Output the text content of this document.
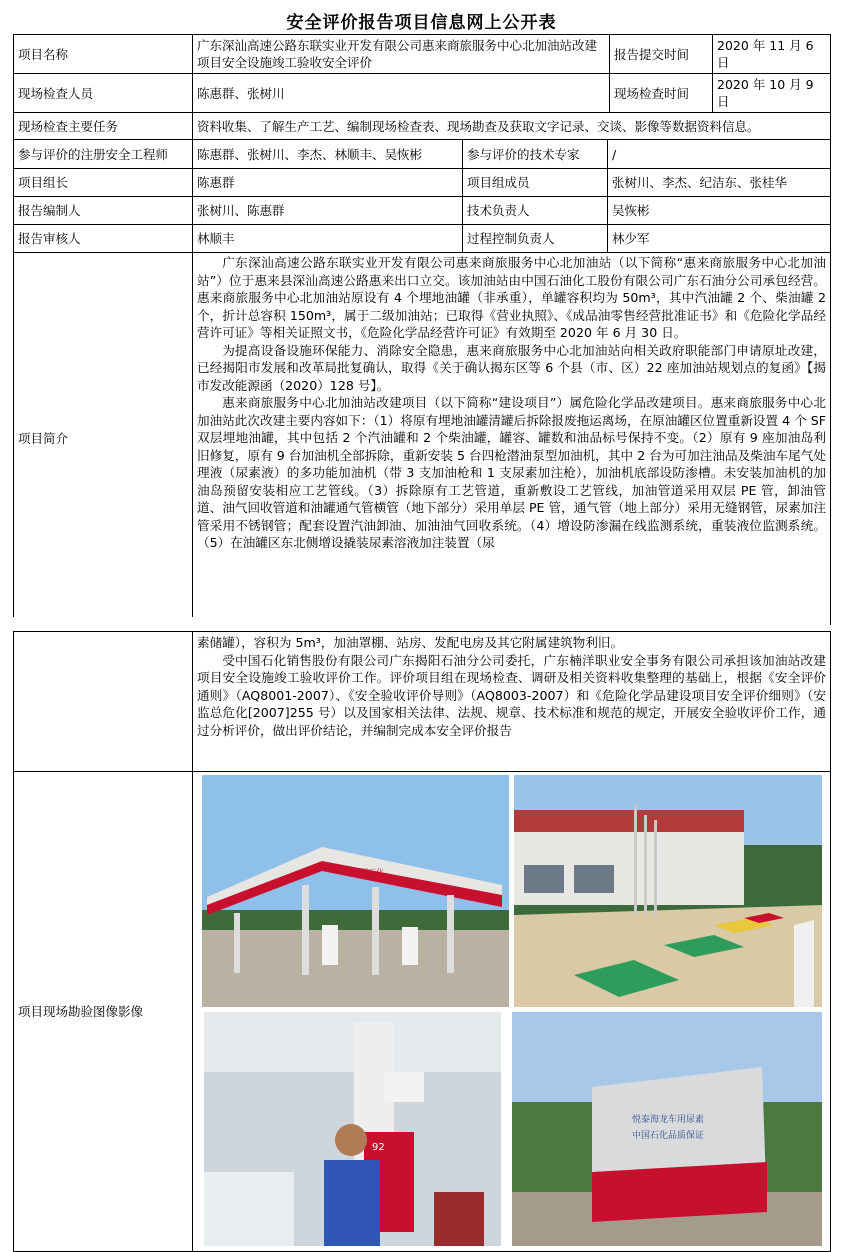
安全评价报告项目信息网上公开表
项目名称	广东深汕高速公路东联实业开发有限公司惠来商旅服务中心北加油站改建项目安全设施竣工验收安全评价			报告提交时间	2020 年 11 月 6 日
现场检查人员	陈惠群、张树川			现场检查时间	2020 年 10 月 9 日
现场检查主要任务	资料收集、了解生产工艺、编制现场检查表、现场勘查及获取文字记录、交谈、影像等数据资料信息。				
参与评价的注册安全工程师	陈惠群、张树川、李杰、林顺丰、吴恢彬	参与评价的技术专家	/		
项目组长	陈惠群	项目组成员	张树川、李杰、纪洁东、张桂华		
报告编制人	张树川、陈惠群	技术负责人	吴恢彬		
报告审核人	林顺丰	过程控制负责人	林少军		
项目简介	广东深汕高速公路东联实业开发有限公司惠来商旅服务中心北加油站（以下简称“惠来商旅服务中心北加油站”）位于惠来县深汕高速公路惠来出口立交。该加油站由中国石油化工股份有限公司广东石油分公司承包经营。惠来商旅服务中心北加油站原设有 4 个埋地油罐（非承重），单罐容积均为 50m³，其中汽油罐 2 个、柴油罐 2 个，折计总容积 150m³，属于二级加油站；已取得《营业执照》、《成品油零售经营批准证书》和《危险化学品经营许可证》等相关证照文书，《危险化学品经营许可证》有效期至 2020 年 6 月 30 日。

为提高设备设施环保能力、消除安全隐患，惠来商旅服务中心北加油站向相关政府职能部门申请原址改建，已经揭阳市发展和改革局批复确认，取得《关于确认揭东区等 6 个县（市、区）22 座加油站规划点的复函》【揭市发改能源函（2020）128 号】。

惠来商旅服务中心北加油站改建项目（以下简称“建设项目”）属危险化学品改建项目。惠来商旅服务中心北加油站此次改建主要内容如下：（1）将原有埋地油罐清罐后拆除报废拖运离场，在原油罐区位置重新设置 4 个 SF 双层埋地油罐，其中包括 2 个汽油罐和 2 个柴油罐，罐容、罐数和油品标号保持不变。（2）原有 9 座加油岛利旧修复，原有 9 台加油机全部拆除，重新安装 5 台四枪潜油泵型加油机，其中 2 台为可加注油品及柴油车尾气处理液（尿素液）的多功能加油机（带 3 支加油枪和 1 支尿素加注枪），加油机底部设防渗槽。未安装加油机的加油岛预留安装相应工艺管线。（3）拆除原有工艺管道，重新敷设工艺管线，加油管道采用双层 PE 管，卸油管道、油气回收管道和油罐通气管横管（地下部分）采用单层 PE 管，通气管（地上部分）采用无缝钢管，尿素加注管采用不锈钢管；配套设置汽油卸油、加油油气回收系统。（4）增设防渗漏在线监测系统，重装液位监测系统。（5）在油罐区东北侧增设撬装尿素溶液加注装置（尿				

	素储罐），容积为 5m³，加油罩棚、站房、发配电房及其它附属建筑物利旧。

受中国石化销售股份有限公司广东揭阳石油分公司委托，广东楠洋职业安全事务有限公司承担该加油站改建项目安全设施竣工验收评价工作。评价项目组在现场检查、调研及相关资料收集整理的基础上，根据《安全评价通则》（AQ8001-2007）、《安全验收评价导则》（AQ8003-2007）和《危险化学品建设项目安全评价细则》（安监总危化[2007]255 号）以及国家相关法律、法规、规章、技术标准和规范的规定，开展安全验收评价工作，通过分析评价，做出评价结论，并编制完成本安全评价报告

项目现场勘验图像影像	中国石化
92
悦泰海龙车用尿素
中国石化品质保证
